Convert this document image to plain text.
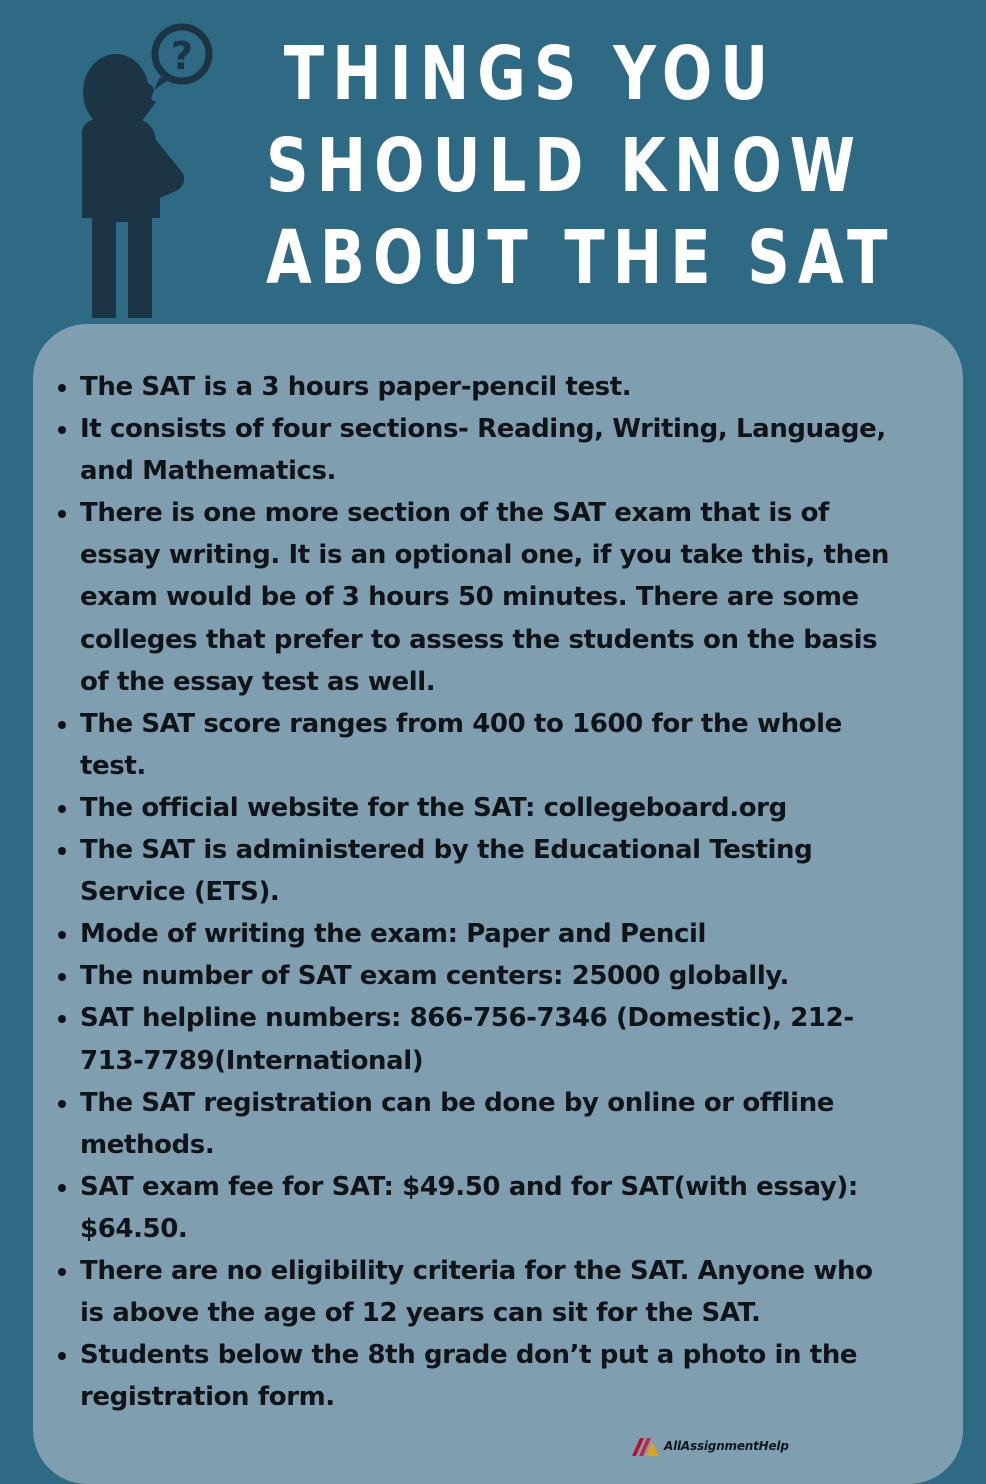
? THINGS YOU
SHOULD KNOW
ABOUT THE SAT
• The SAT is a 3 hours paper-pencil test.
• It consists of four sections- Reading, Writing, Language,
and Mathematics.
• There is one more section of the SAT exam that is of
essay writing. It is an optional one, if you take this, then
exam would be of 3 hours 50 minutes. There are some
colleges that prefer to assess the students on the basis
of the essay test as well.
• The SAT score ranges from 400 to 1600 for the whole
test.
• The official website for the SAT: collegeboard.org
• The SAT is administered by the Educational Testing
Service (ETS).
• Mode of writing the exam: Paper and Pencil
• The number of SAT exam centers: 25000 globally.
• SAT helpline numbers: 866-756-7346 (Domestic), 212-
713-7789(International)
• The SAT registration can be done by online or offline
methods.
• SAT exam fee for SAT: $49.50 and for SAT(with essay):
$64.50.
• There are no eligibility criteria for the SAT. Anyone who
is above the age of 12 years can sit for the SAT.
• Students below the 8th grade don’t put a photo in the
registration form.
AllAssignmentHelp
